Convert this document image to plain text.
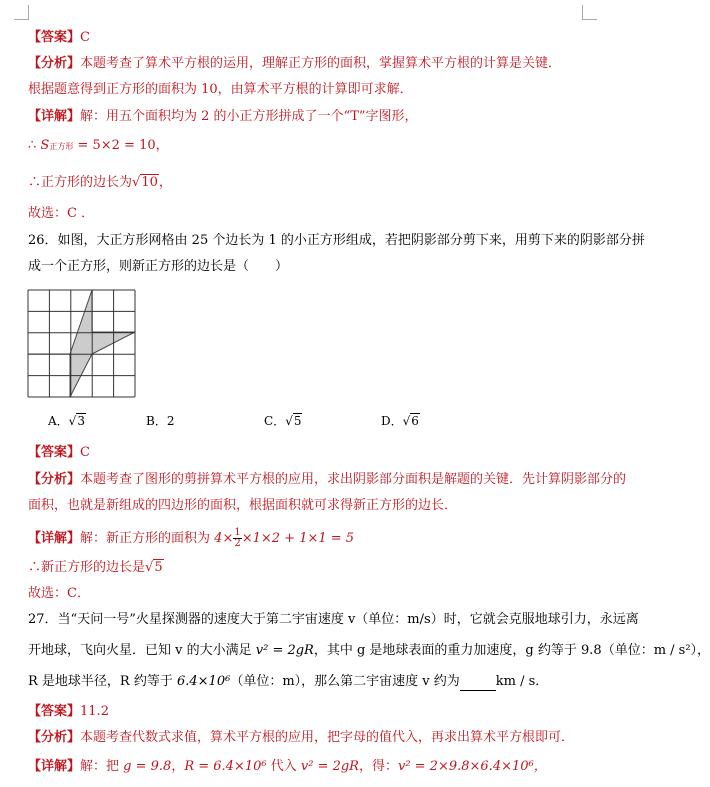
【答案】C
【分析】本题考查了算术平方根的运用，理解正方形的面积，掌握算术平方根的计算是关键．
根据题意得到正方形的面积为 10，由算术平方根的计算即可求解．
【详解】解：用五个面积均为 2 的小正方形拼成了一个“T”字图形，
∴ S正方形 = 5×2 = 10，
∴正方形的边长为√10，
故选：C ．
26．如图，大正方形网格由 25 个边长为 1 的小正方形组成，若把阴影部分剪下来，用剪下来的阴影部分拼
成一个正方形，则新正方形的边长是（　　）
A．√3	B．2	C．√5	D．√6
【答案】C
【分析】本题考查了图形的剪拼算术平方根的应用，求出阴影部分面积是解题的关键．先计算阴影部分的
面积，也就是新组成的四边形的面积，根据面积就可求得新正方形的边长．
【详解】解：新正方形的面积为 $4\times \frac{1}{2} \times 1\times 2 + 1\times 1 = 5$
∴新正方形的边长是√5
故选：C．
27．当“天问一号”火星探测器的速度大于第二宇宙速度 v（单位：m/s）时，它就会克服地球引力，永远离
开地球，飞向火星．已知 v 的大小满足 v² = 2gR，其中 g 是地球表面的重力加速度，g 约等于 9.8（单位：m / s²），
R 是地球半径，R 约等于 6.4×10⁶（单位：m），那么第二宇宙速度 v 约为	km / s．
【答案】11.2
【分析】本题考查代数式求值，算术平方根的应用，把字母的值代入，再求出算术平方根即可．
【详解】解：把 g = 9.8，R = 6.4×10⁶ 代入 v² = 2gR，得：v² = 2×9.8×6.4×10⁶，
